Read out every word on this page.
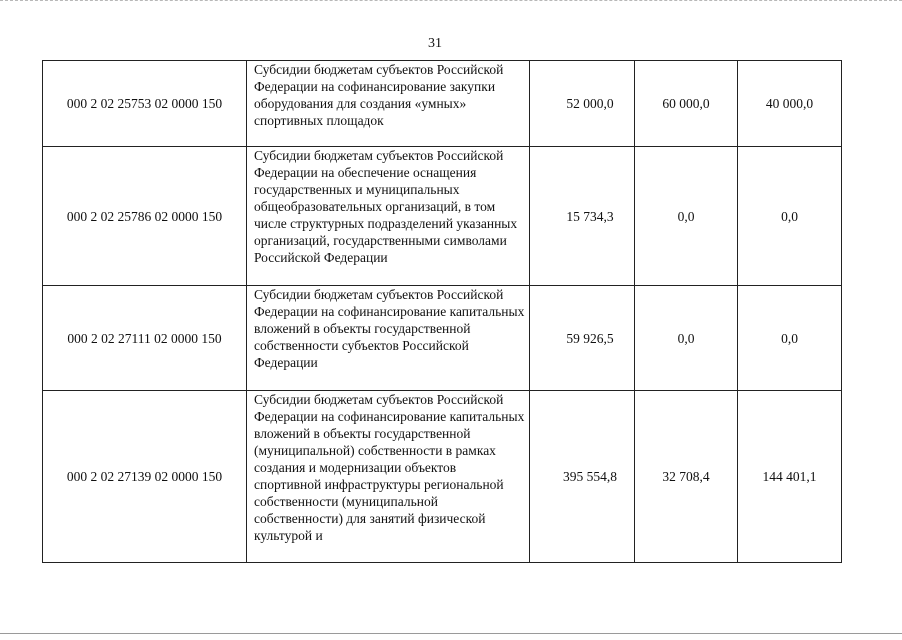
31
000 2 02 25753 02 0000 150	Субсидии бюджетам субъектов Российской Федерации на софинансирование закупки оборудования для создания «умных» спортивных площадок	52 000,0	60 000,0	40 000,0
000 2 02 25786 02 0000 150	Субсидии бюджетам субъектов Российской Федерации на обеспечение оснащения государственных и муниципальных общеобразовательных организаций, в том числе структурных подразделений указанных организаций, государственными символами Российской Федерации	15 734,3	0,0	0,0
000 2 02 27111 02 0000 150	Субсидии бюджетам субъектов Российской Федерации на софинансирование капитальных вложений в объекты государственной собственности субъектов Российской Федерации	59 926,5	0,0	0,0
000 2 02 27139 02 0000 150	Субсидии бюджетам субъектов Российской Федерации на софинансирование капитальных вложений в объекты государственной (муниципальной) собственности в рамках создания и модернизации объектов спортивной инфраструктуры региональной собственности (муниципальной собственности) для занятий физической культурой и	395 554,8	32 708,4	144 401,1
